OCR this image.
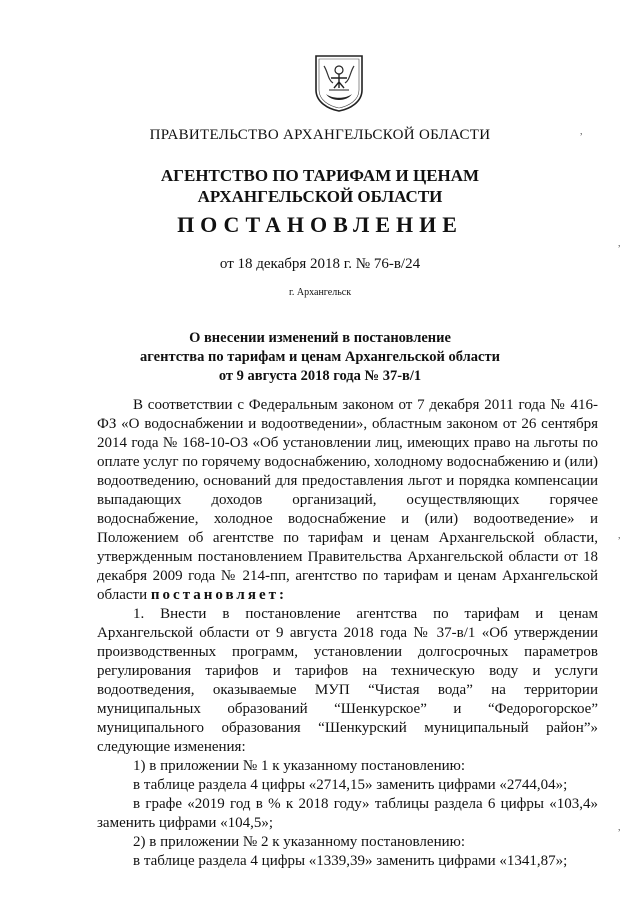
ПРАВИТЕЛЬСТВО АРХАНГЕЛЬСКОЙ ОБЛАСТИ
АГЕНТСТВО ПО ТАРИФАМ И ЦЕНАМ
АРХАНГЕЛЬСКОЙ ОБЛАСТИ
ПОСТАНОВЛЕНИЕ
от 18 декабря 2018 г. № 76-в/24
г. Архангельск
О внесении изменений в постановление
агентства по тарифам и ценам Архангельской области
от 9 августа 2018 года № 37-в/1

В соответствии с Федеральным законом от 7 декабря 2011 года № 416-ФЗ «О водоснабжении и водоотведении», областным законом от 26 сентября 2014 года № 168-10-ОЗ «Об установлении лиц, имеющих право на льготы по оплате услуг по горячему водоснабжению, холодному водоснабжению и (или) водоотведению, оснований для предоставления льгот и порядка компенсации выпадающих доходов организаций, осуществляющих горячее водоснабжение, холодное водоснабжение и (или) водоотведение» и Положением об агентстве по тарифам и ценам Архангельской области, утвержденным постановлением Правительства Архангельской области от 18 декабря 2009 года № 214-пп, агентство по тарифам и ценам Архангельской области постановляет:

1. Внести в постановление агентства по тарифам и ценам Архангельской области от 9 августа 2018 года № 37-в/1 «Об утверждении производственных программ, установлении долгосрочных параметров регулирования тарифов и тарифов на техническую воду и услуги водоотведения, оказываемые МУП “Чистая вода” на территории муниципальных образований “Шенкурское” и “Федорогорское” муниципального образования “Шенкурский муниципальный район”» следующие изменения:

1) в приложении № 1 к указанному постановлению:

в таблице раздела 4 цифры «2714,15» заменить цифрами «2744,04»;

в графе «2019 год в % к 2018 году» таблицы раздела 6 цифры «103,4» заменить цифрами «104,5»;

2) в приложении № 2 к указанному постановлению:

в таблице раздела 4 цифры «1339,39» заменить цифрами «1341,87»;

,
,
,
,
